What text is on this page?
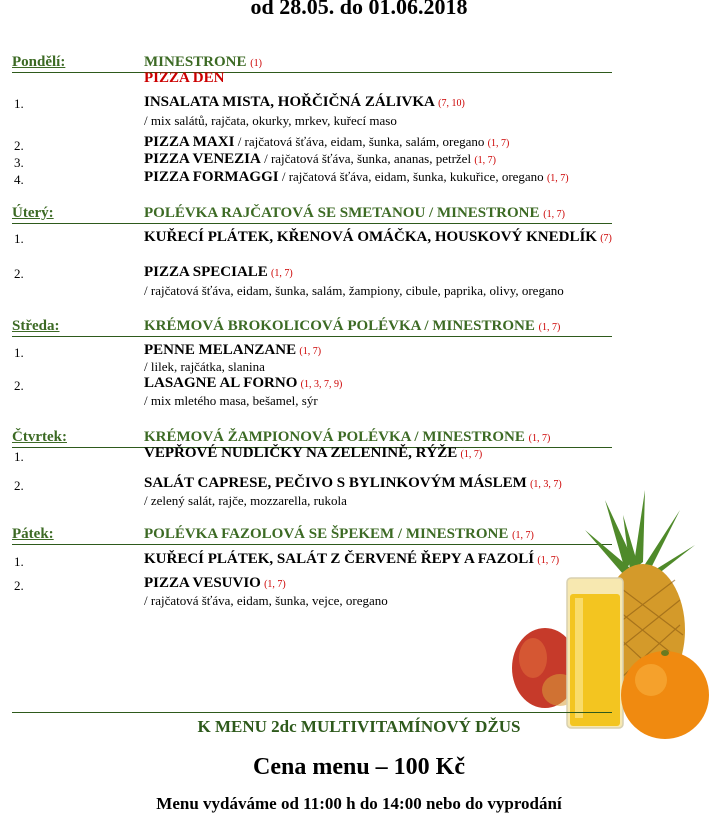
od 28.05. do 01.06.2018
Pondělí:	MINESTRONE (1)
PIZZA DEN
1.	INSALATA MISTA, HOŘČIČNÁ ZÁLIVKA (7, 10)
/ mix salátů, rajčata, okurky, mrkev, kuřecí maso
2.	PIZZA MAXI / rajčatová šťáva, eidam, šunka, salám, oregano (1, 7)
3.	PIZZA VENEZIA / rajčatová šťáva, šunka, ananas, petržel (1, 7)
4.	PIZZA FORMAGGI / rajčatová šťáva, eidam, šunka, kukuřice, oregano (1, 7)
Úterý:	POLÉVKA RAJČATOVÁ SE SMETANOU / MINESTRONE (1, 7)
1.	KUŘECÍ PLÁTEK, KŘENOVÁ OMÁČKA, HOUSKOVÝ KNEDLÍK (7)
2.	PIZZA SPECIALE (1, 7)
/ rajčatová šťáva, eidam, šunka, salám, žampiony, cibule, paprika, olivy, oregano
Středa:	KRÉMOVÁ BROKOLICOVÁ POLÉVKA / MINESTRONE (1, 7)
1.	PENNE MELANZANE (1, 7)
/ lilek, rajčátka, slanina
2.	LASAGNE AL FORNO (1, 3, 7, 9)
/ mix mletého masa, bešamel, sýr
Čtvrtek:	KRÉMOVÁ ŽAMPIONOVÁ POLÉVKA / MINESTRONE (1, 7)
1.	VEPŘOVÉ NUDLIČKY NA ZELENINĚ, RÝŽE (1, 7)
2.	SALÁT CAPRESE, PEČIVO S BYLINKOVÝM MÁSLEM (1, 3, 7)
/ zelený salát, rajče, mozzarella, rukola
Pátek:	POLÉVKA FAZOLOVÁ SE ŠPEKEM / MINESTRONE (1, 7)
1.	KUŘECÍ PLÁTEK, SALÁT Z ČERVENÉ ŘEPY A FAZOLÍ (1, 7)
2.	PIZZA VESUVIO (1, 7)
/ rajčatová šťáva, eidam, šunka, vejce, oregano
K MENU 2dc MULTIVITAMÍNOVÝ DŽUS
Cena menu – 100 Kč
Menu vydáváme od 11:00 h do 14:00 nebo do vyprodání
